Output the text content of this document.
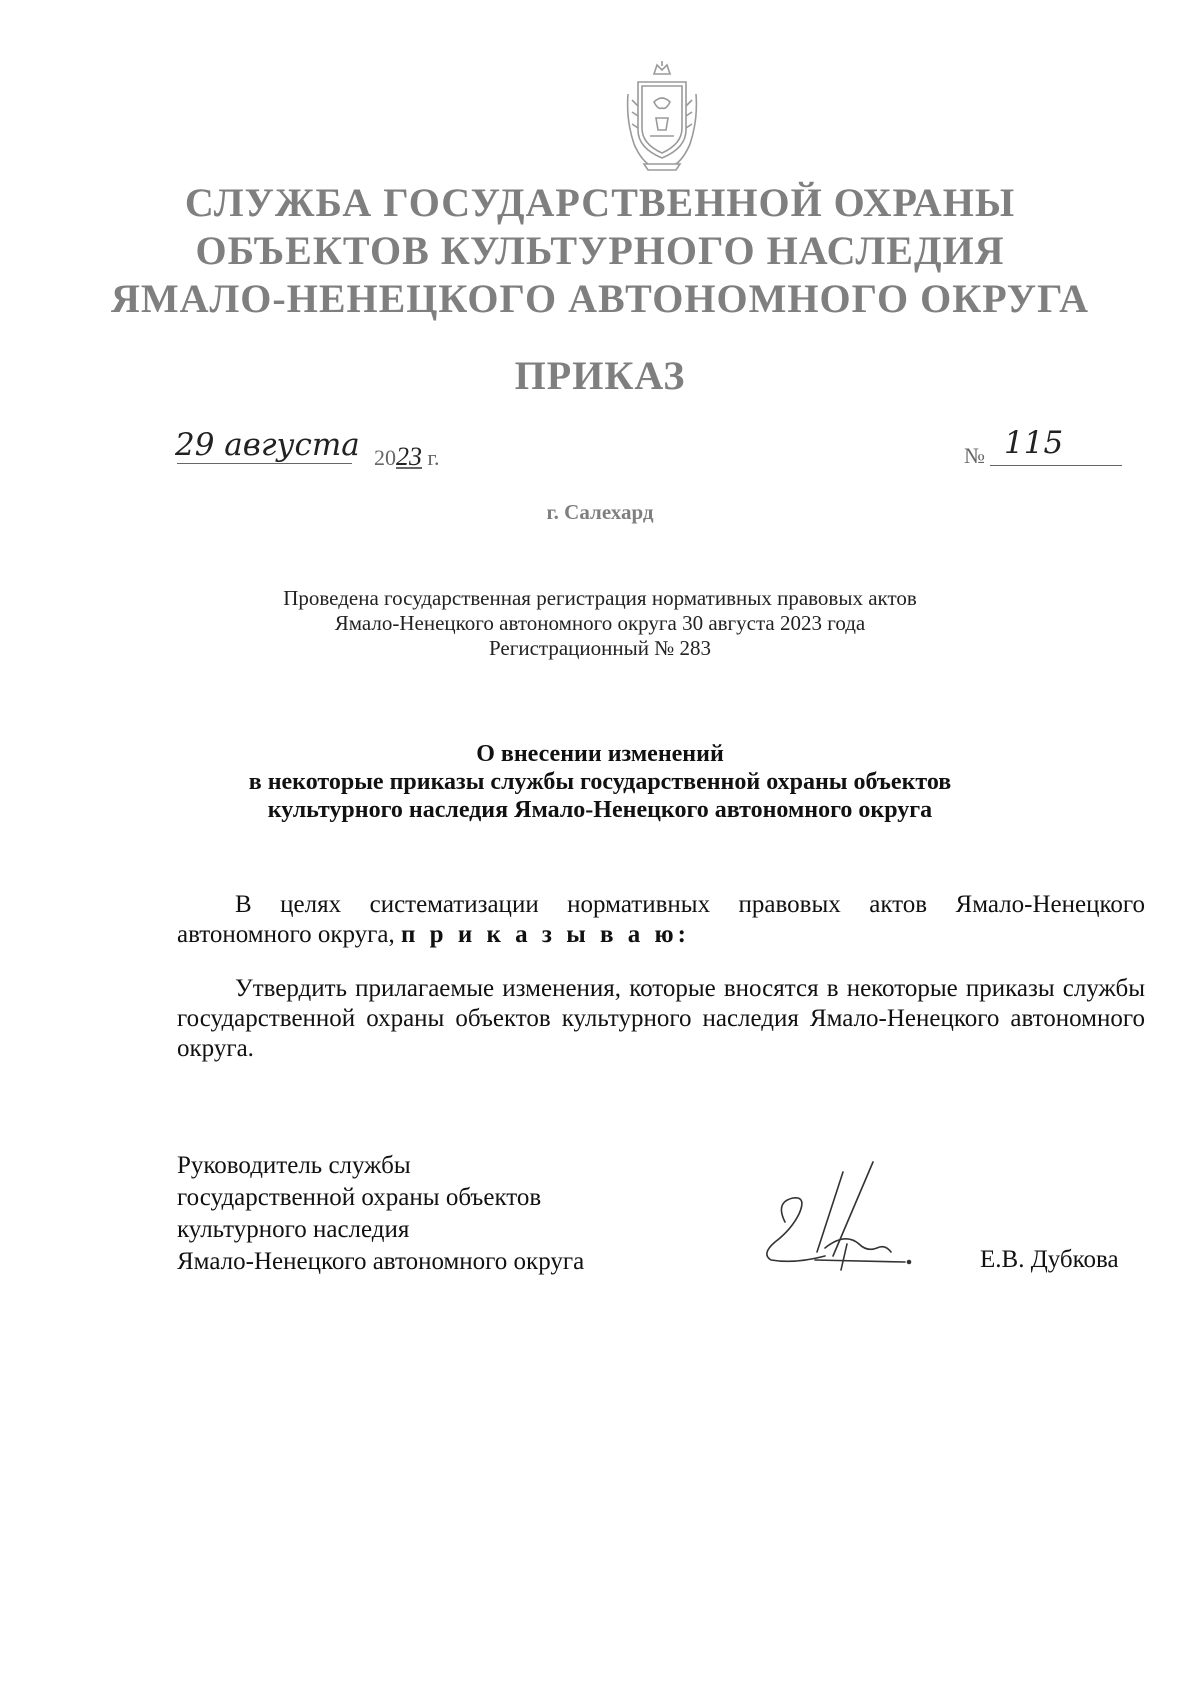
СЛУЖБА ГОСУДАРСТВЕННОЙ ОХРАНЫ
ОБЪЕКТОВ КУЛЬТУРНОГО НАСЛЕДИЯ
ЯМАЛО-НЕНЕЦКОГО АВТОНОМНОГО ОКРУГА
ПРИКАЗ
29 августа 2023 г.	№ 115
г. Салехард
Проведена государственная регистрация нормативных правовых актов
Ямало-Ненецкого автономного округа 30 августа 2023 года
Регистрационный № 283
О внесении изменений
в некоторые приказы службы государственной охраны объектов
культурного наследия Ямало-Ненецкого автономного округа
В целях систематизации нормативных правовых актов Ямало-Ненецкого автономного округа, п р и к а з ы в а ю:
Утвердить прилагаемые изменения, которые вносятся в некоторые приказы службы государственной охраны объектов культурного наследия Ямало-Ненецкого автономного округа.
Руководитель службы
государственной охраны объектов
культурного наследия
Ямало-Ненецкого автономного округа	Е.В. Дубкова
